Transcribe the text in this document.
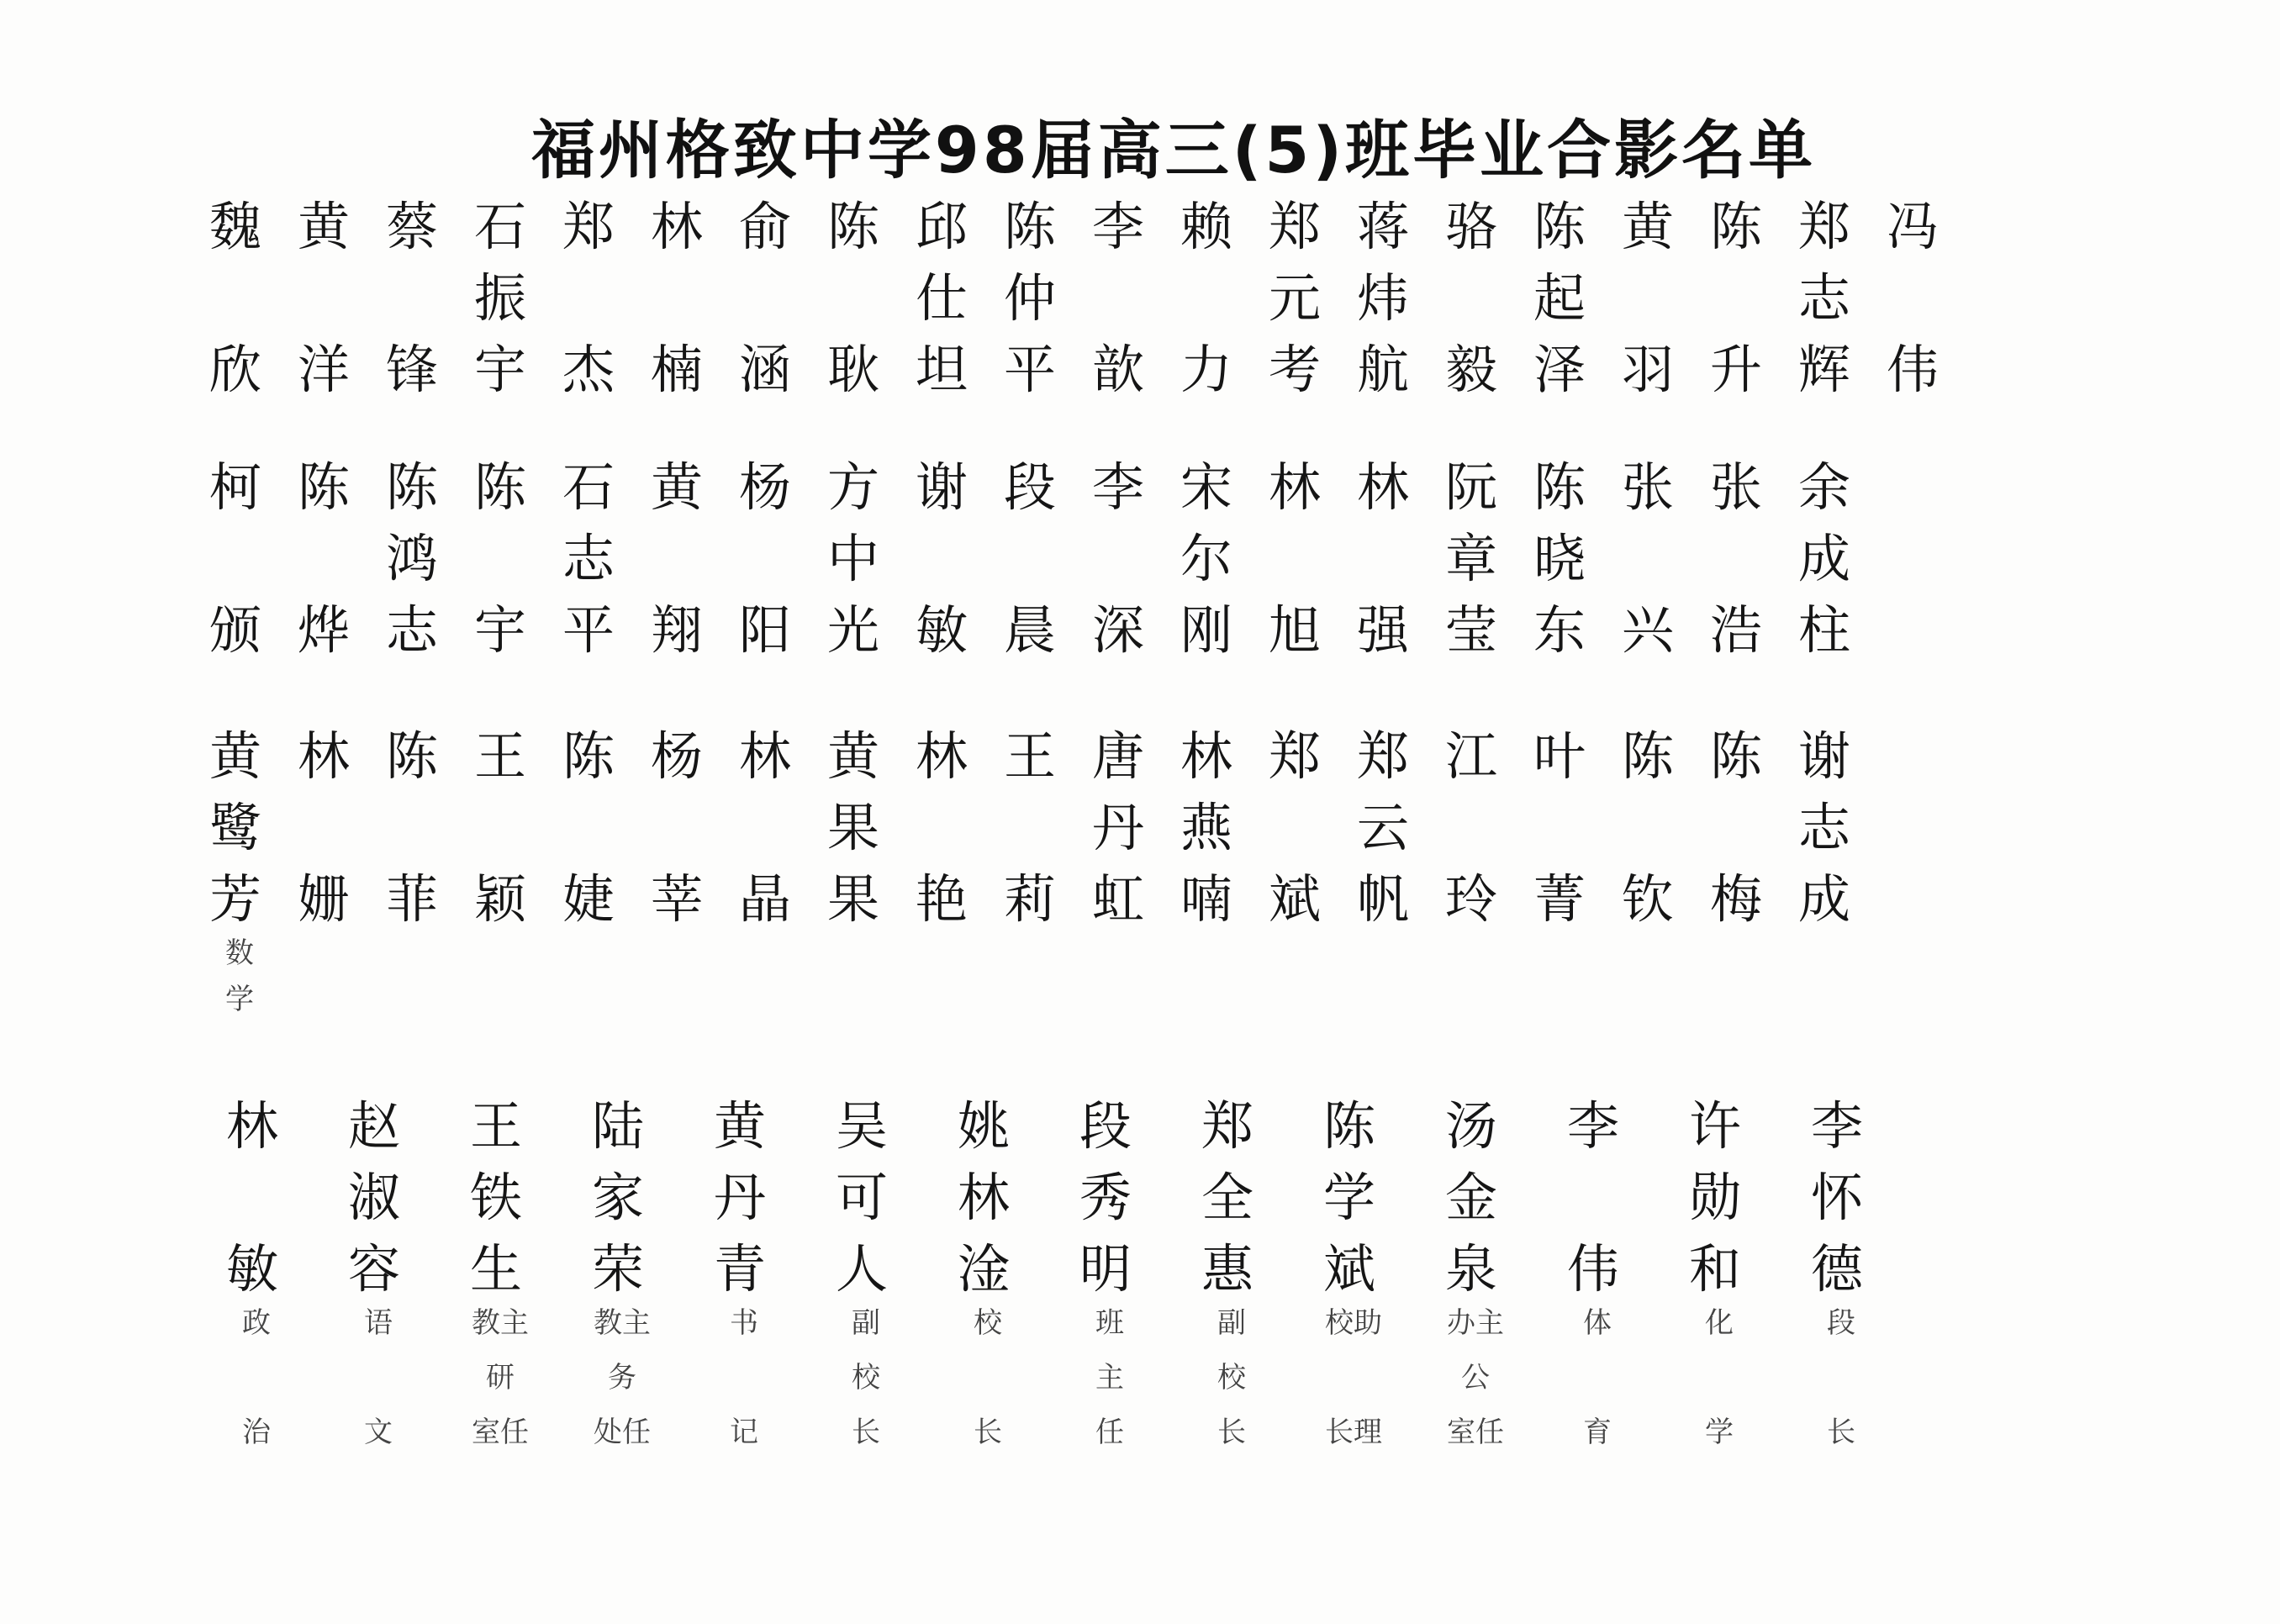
福州格致中学98届高三(5)班毕业合影名单
魏
欣
黄
洋
蔡
锋
石
振
宇
郑
杰
林
楠
俞
涵
陈
耿
邱
仕
坦
陈
仲
平
李
歆
赖
力
郑
元
考
蒋
炜
航
骆
毅
陈
起
泽
黄
羽
陈
升
郑
志
辉
冯
伟
柯
颁
陈
烨
陈
鸿
志
陈
宇
石
志
平
黄
翔
杨
阳
方
中
光
谢
敏
段
晨
李
深
宋
尔
刚
林
旭
林
强
阮
章
莹
陈
晓
东
张
兴
张
浩
余
成
柱
黄
鹭
芳
数
学
林
姗
陈
菲
王
颖
陈
婕
杨
莘
林
晶
黄
果
果
林
艳
王
莉
唐
丹
虹
林
燕
喃
郑
斌
郑
云
帆
江
玲
叶
菁
陈
钦
陈
梅
谢
志
成
林
敏
政
治
赵
淑
容
语
文
王
铁
生
教主
研
室任
陆
家
荣
教主
务
处任
黄
丹
青
书
记
吴
可
人
副
校
长
姚
林
淦
校
长
段
秀
明
班
主
任
郑
全
惠
副
校
长
陈
学
斌
校助
长理
汤
金
泉
办主
公
室任
李
伟
体
育
许
勋
和
化
学
李
怀
德
段
长
